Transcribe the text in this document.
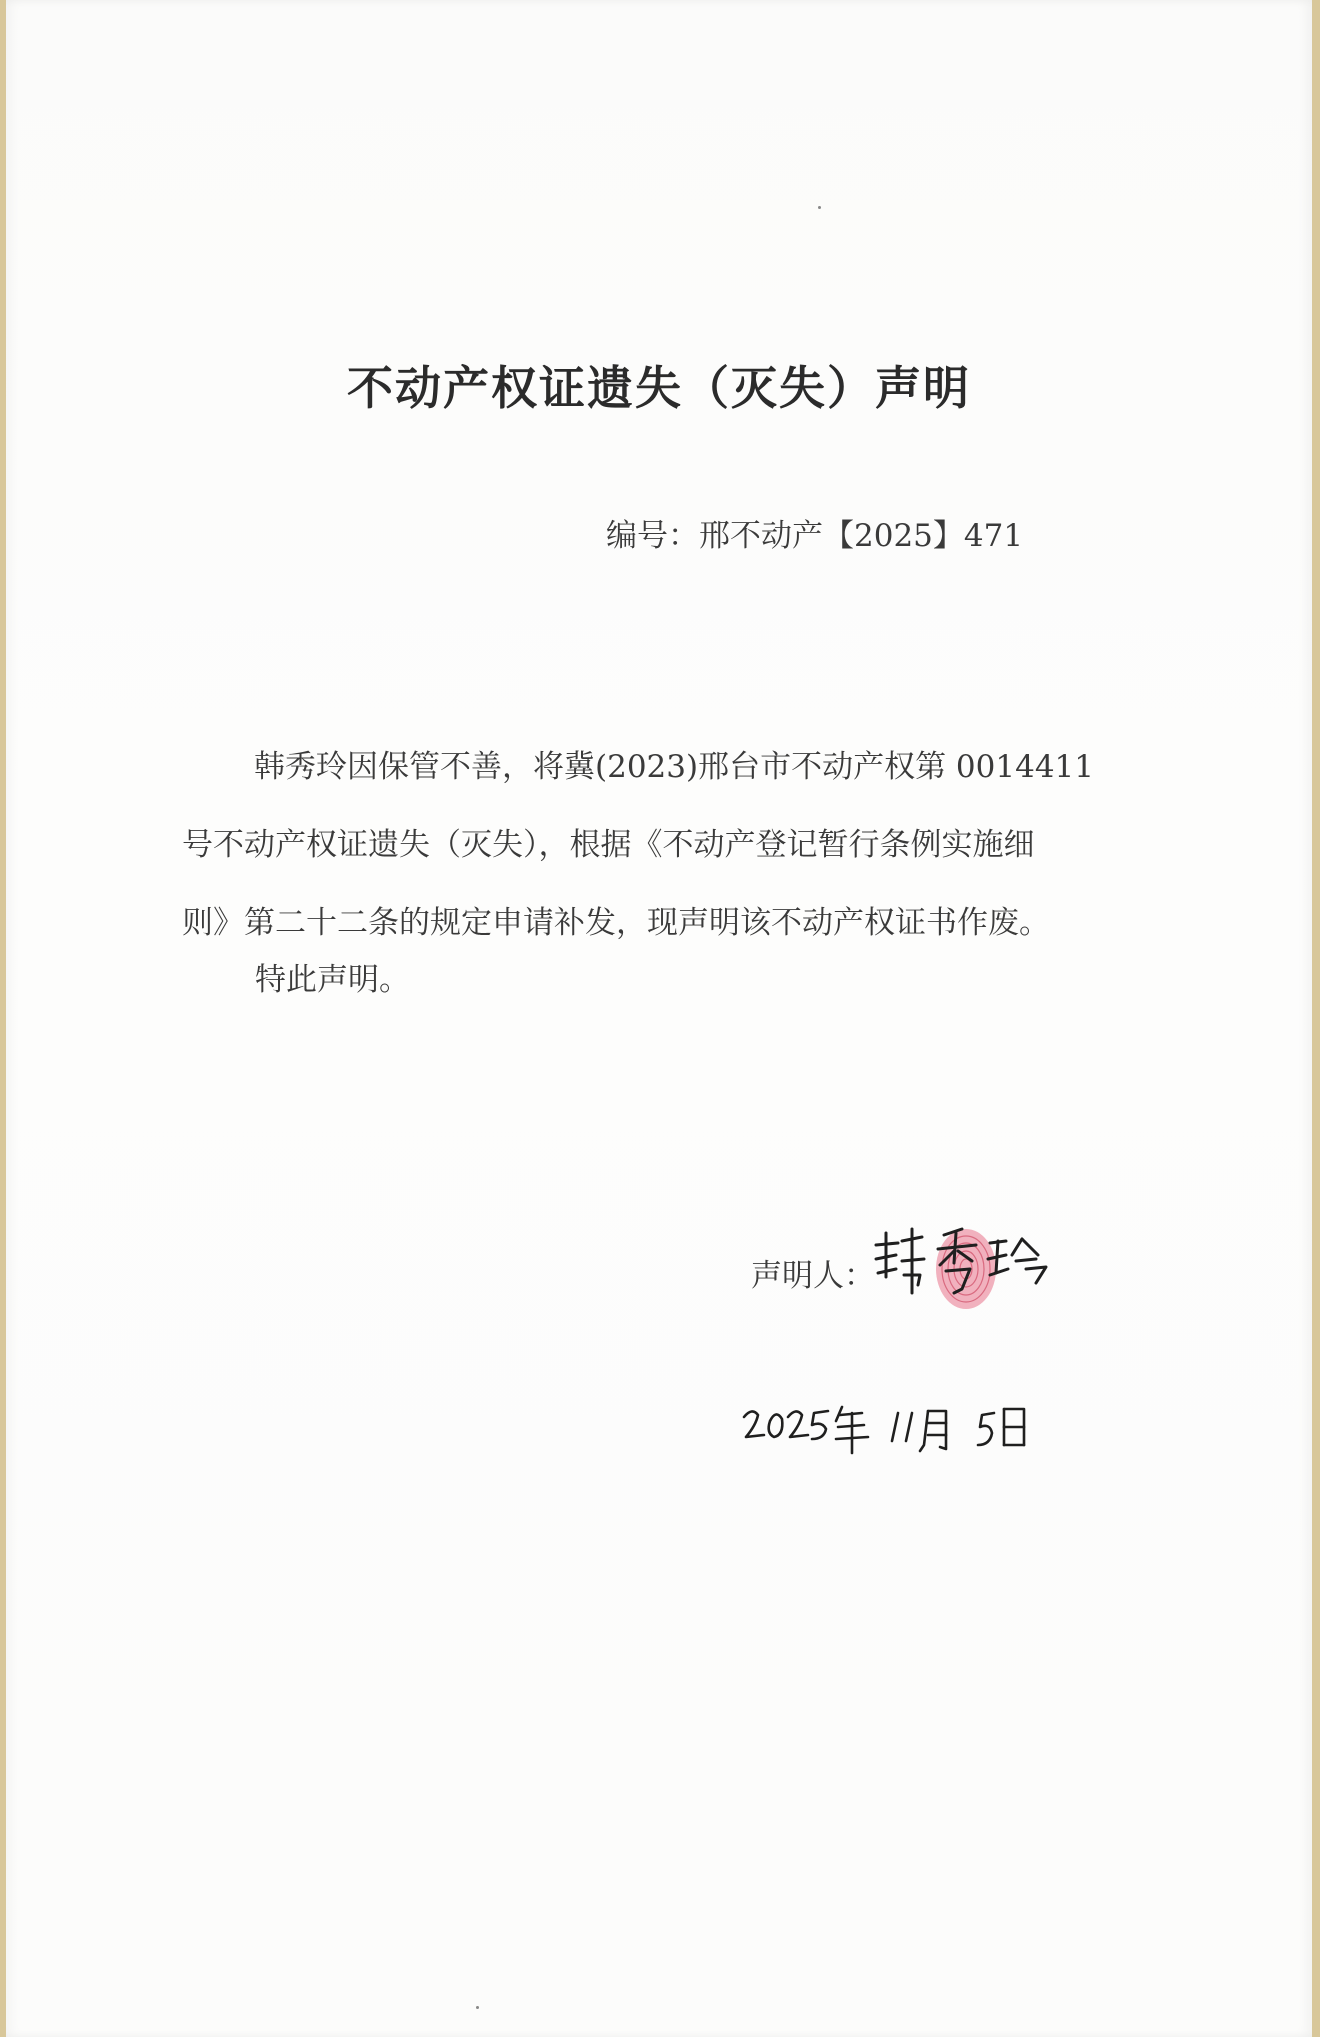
不动产权证遗失（灭失）声明
编号：邢不动产【2025】471
韩秀玲因保管不善，将冀(2023)邢台市不动产权第 0014411
号不动产权证遗失（灭失），根据《不动产登记暂行条例实施细
则》第二十二条的规定申请补发，现声明该不动产权证书作废。
特此声明。
声明人：
